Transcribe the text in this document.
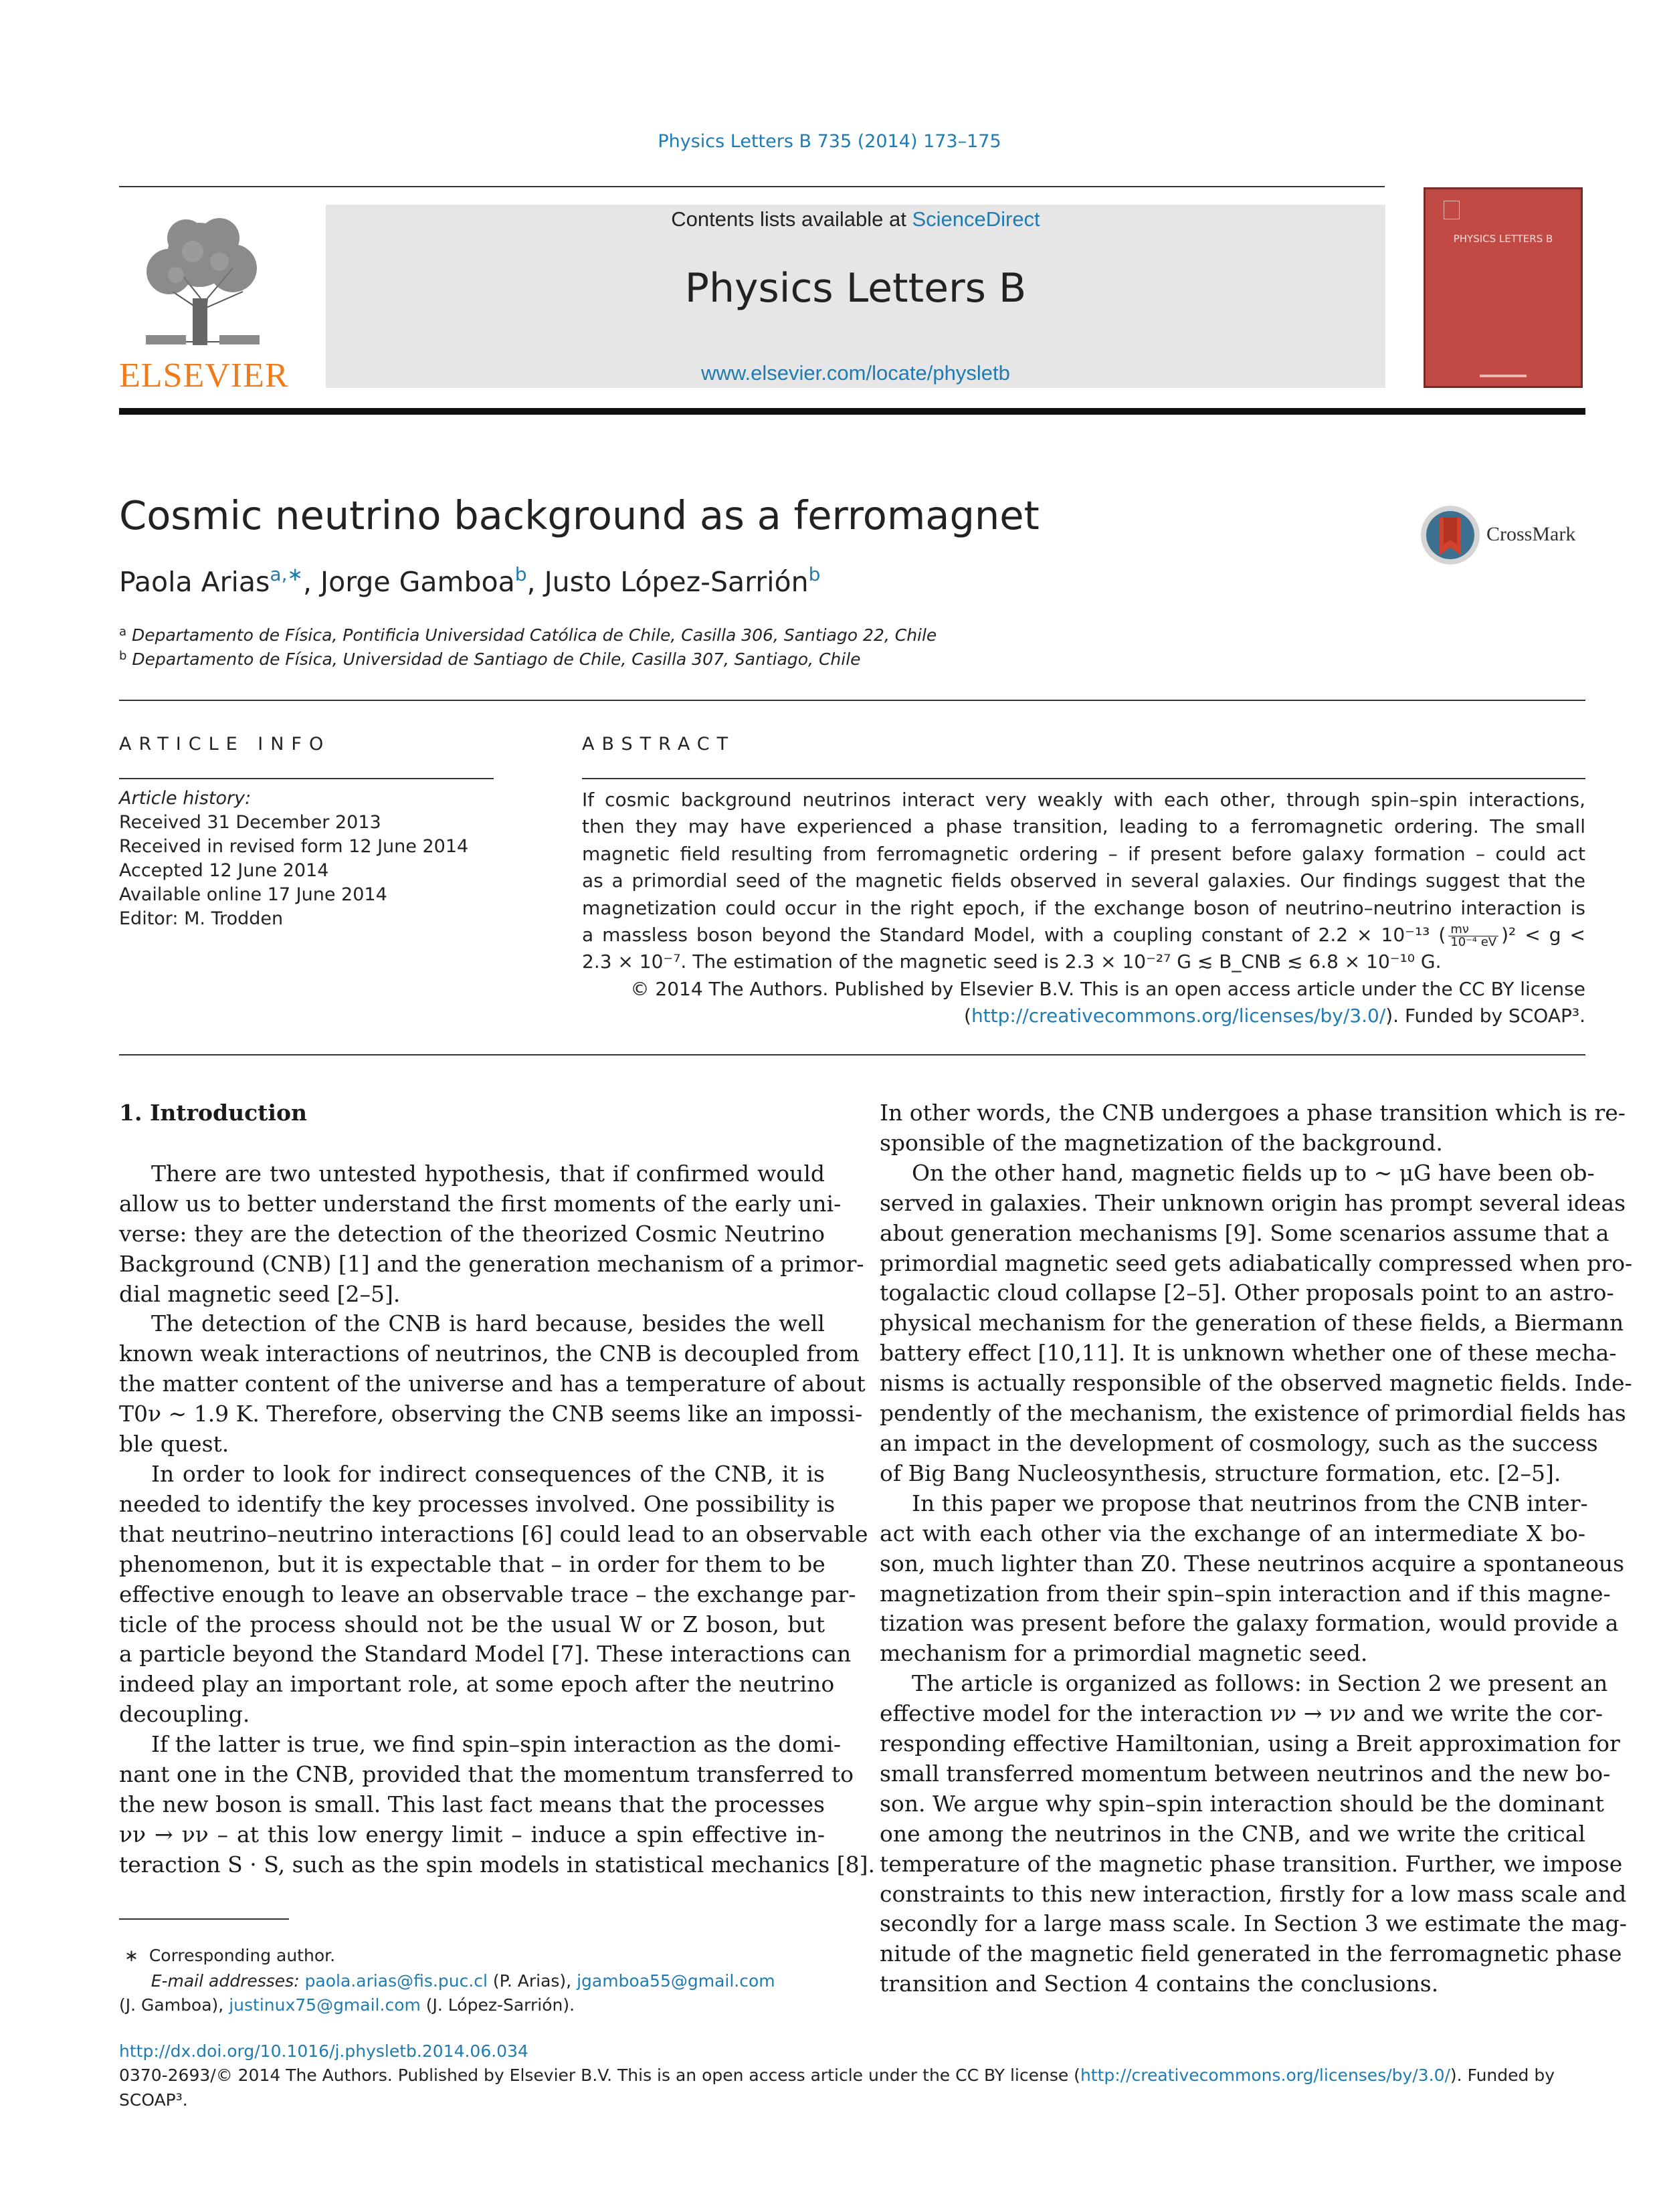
Physics Letters B 735 (2014) 173–175
ELSEVIER
Contents lists available at ScienceDirect
Physics Letters B
www.elsevier.com/locate/physletb
PHYSICS LETTERS B
Cosmic neutrino background as a ferromagnet	CrossMark
Paola Arias$^{a,∗}$, Jorge Gamboa$^b$, Justo López-Sarrión$^b$
$^a$ Departamento de Física, Pontificia Universidad Católica de Chile, Casilla 306, Santiago 22, Chile
$^b$ Departamento de Física, Universidad de Santiago de Chile, Casilla 307, Santiago, Chile
ARTICLE INFO	ABSTRACT
Article history:
Received 31 December 2013
Received in revised form 12 June 2014
Accepted 12 June 2014
Available online 17 June 2014
Editor: M. Trodden
If cosmic background neutrinos interact very weakly with each other, through spin–spin interactions,
then they may have experienced a phase transition, leading to a ferromagnetic ordering. The small
magnetic field resulting from ferromagnetic ordering – if present before galaxy formation – could act
as a primordial seed of the magnetic fields observed in several galaxies. Our findings suggest that the
magnetization could occur in the right epoch, if the exchange boson of neutrino–neutrino interaction is
a massless boson beyond the Standard Model, with a coupling constant of 2.2 × 10⁻¹³ ( $\frac{m\nu}{\text{10⁻⁴ eV}} )^2 < g$ <
2.3 × 10⁻⁷. The estimation of the magnetic seed is 2.3 × 10⁻²⁷ G ≲ B_CNB ≲ 6.8 × 10⁻¹⁰ G.
© 2014 The Authors. Published by Elsevier B.V. This is an open access article under the CC BY license
(http://creativecommons.org/licenses/by/3.0/). Funded by SCOAP³.
1. Introduction
There are two untested hypothesis, that if confirmed would
allow us to better understand the first moments of the early uni-
verse: they are the detection of the theorized Cosmic Neutrino
Background (CNB) [1] and the generation mechanism of a primor-
dial magnetic seed [2–5].
The detection of the CNB is hard because, besides the well
known weak interactions of neutrinos, the CNB is decoupled from
the matter content of the universe and has a temperature of about
T0ν ∼ 1.9 K. Therefore, observing the CNB seems like an impossi-
ble quest.
In order to look for indirect consequences of the CNB, it is
needed to identify the key processes involved. One possibility is
that neutrino–neutrino interactions [6] could lead to an observable
phenomenon, but it is expectable that – in order for them to be
effective enough to leave an observable trace – the exchange par-
ticle of the process should not be the usual W or Z boson, but
a particle beyond the Standard Model [7]. These interactions can
indeed play an important role, at some epoch after the neutrino
decoupling.
If the latter is true, we find spin–spin interaction as the domi-
nant one in the CNB, provided that the momentum transferred to
the new boson is small. This last fact means that the processes
νν → νν – at this low energy limit – induce a spin effective in-
teraction S · S, such as the spin models in statistical mechanics [8].
In other words, the CNB undergoes a phase transition which is re-
sponsible of the magnetization of the background.
On the other hand, magnetic fields up to ∼ μG have been ob-
served in galaxies. Their unknown origin has prompt several ideas
about generation mechanisms [9]. Some scenarios assume that a
primordial magnetic seed gets adiabatically compressed when pro-
togalactic cloud collapse [2–5]. Other proposals point to an astro-
physical mechanism for the generation of these fields, a Biermann
battery effect [10,11]. It is unknown whether one of these mecha-
nisms is actually responsible of the observed magnetic fields. Inde-
pendently of the mechanism, the existence of primordial fields has
an impact in the development of cosmology, such as the success
of Big Bang Nucleosynthesis, structure formation, etc. [2–5].
In this paper we propose that neutrinos from the CNB inter-
act with each other via the exchange of an intermediate X bo-
son, much lighter than Z0. These neutrinos acquire a spontaneous
magnetization from their spin–spin interaction and if this magne-
tization was present before the galaxy formation, would provide a
mechanism for a primordial magnetic seed.
The article is organized as follows: in Section 2 we present an
effective model for the interaction νν → νν and we write the cor-
responding effective Hamiltonian, using a Breit approximation for
small transferred momentum between neutrinos and the new bo-
son. We argue why spin–spin interaction should be the dominant
one among the neutrinos in the CNB, and we write the critical
temperature of the magnetic phase transition. Further, we impose
constraints to this new interaction, firstly for a low mass scale and
secondly for a large mass scale. In Section 3 we estimate the mag-
nitude of the magnetic field generated in the ferromagnetic phase
transition and Section 4 contains the conclusions.
∗ Corresponding author.
E-mail addresses: paola.arias@fis.puc.cl (P. Arias), jgamboa55@gmail.com
(J. Gamboa), justinux75@gmail.com (J. López-Sarrión).
http://dx.doi.org/10.1016/j.physletb.2014.06.034
0370-2693/© 2014 The Authors. Published by Elsevier B.V. This is an open access article under the CC BY license (http://creativecommons.org/licenses/by/3.0/). Funded by
SCOAP³.
